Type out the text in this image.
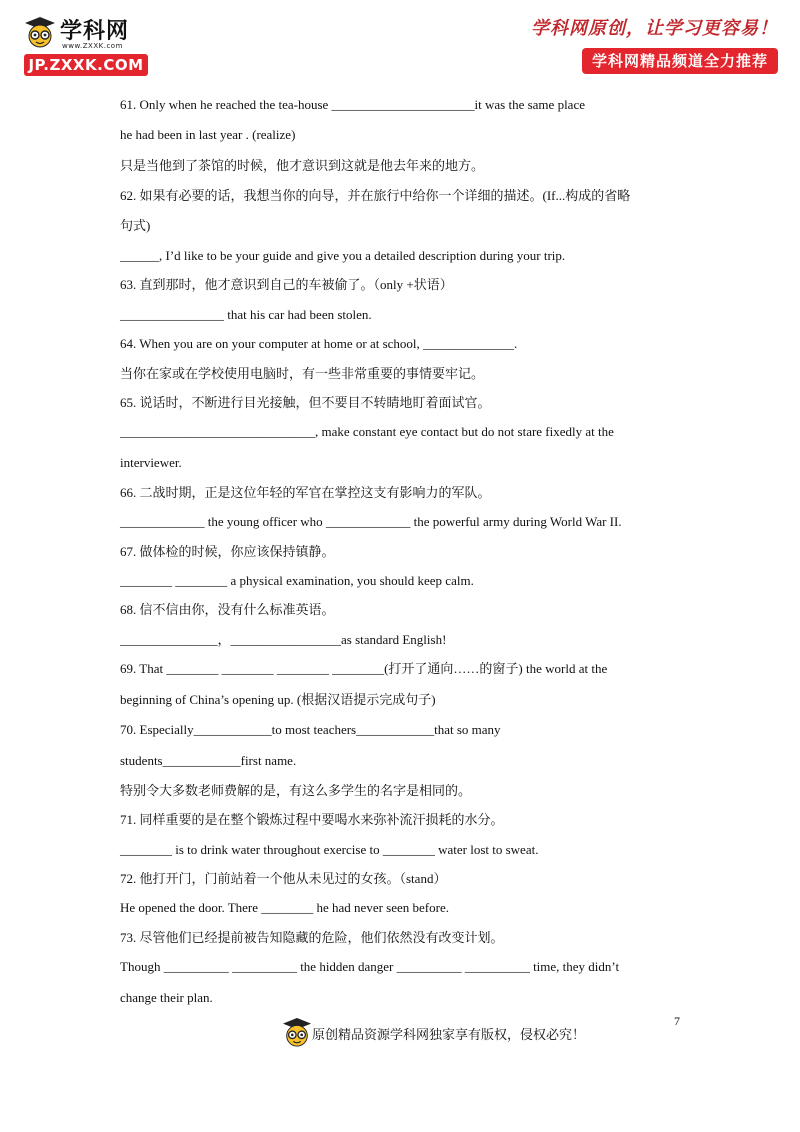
学科网
www.ZXXK.com
JP.ZXXK.COM
学科网原创，让学习更容易！
学科网精品频道全力推荐
61. Only when he reached the tea-house ______________________it was the same place
he had been in last year . (realize)
只是当他到了茶馆的时候，他才意识到这就是他去年来的地方。
62. 如果有必要的话，我想当你的向导，并在旅行中给你一个详细的描述。(If...构成的省略
句式)
______, I’d like to be your guide and give you a detailed description during your trip.
63. 直到那时，他才意识到自己的车被偷了。（only +状语）
________________ that his car had been stolen.
64. When you are on your computer at home or at school, ______________.
当你在家或在学校使用电脑时，有一些非常重要的事情要牢记。
65. 说话时，不断进行目光接触，但不要目不转睛地盯着面试官。
______________________________, make constant eye contact but do not stare fixedly at the
interviewer.
66. 二战时期，正是这位年轻的军官在掌控这支有影响力的军队。
_____________ the young officer who _____________ the powerful army during World War II.
67. 做体检的时候，你应该保持镇静。
________ ________ a physical examination, you should keep calm.
68. 信不信由你，没有什么标准英语。
_______________，_________________as standard English!
69. That ________ ________ ________ ________(打开了通向……的窗子) the world at the
beginning of China’s opening up. (根据汉语提示完成句子)
70. Especially____________to most teachers____________that so many
students____________first name.
特别令大多数老师费解的是，有这么多学生的名字是相同的。
71. 同样重要的是在整个锻炼过程中要喝水来弥补流汗损耗的水分。
________ is to drink water throughout exercise to ________ water lost to sweat.
72. 他打开门，门前站着一个他从未见过的女孩。（stand）
He opened the door. There ________ he had never seen before.
73. 尽管他们已经提前被告知隐藏的危险，他们依然没有改变计划。
Though __________ __________ the hidden danger __________ __________ time, they didn’t
change their plan.
原创精品资源学科网独家享有版权，侵权必究！
7
